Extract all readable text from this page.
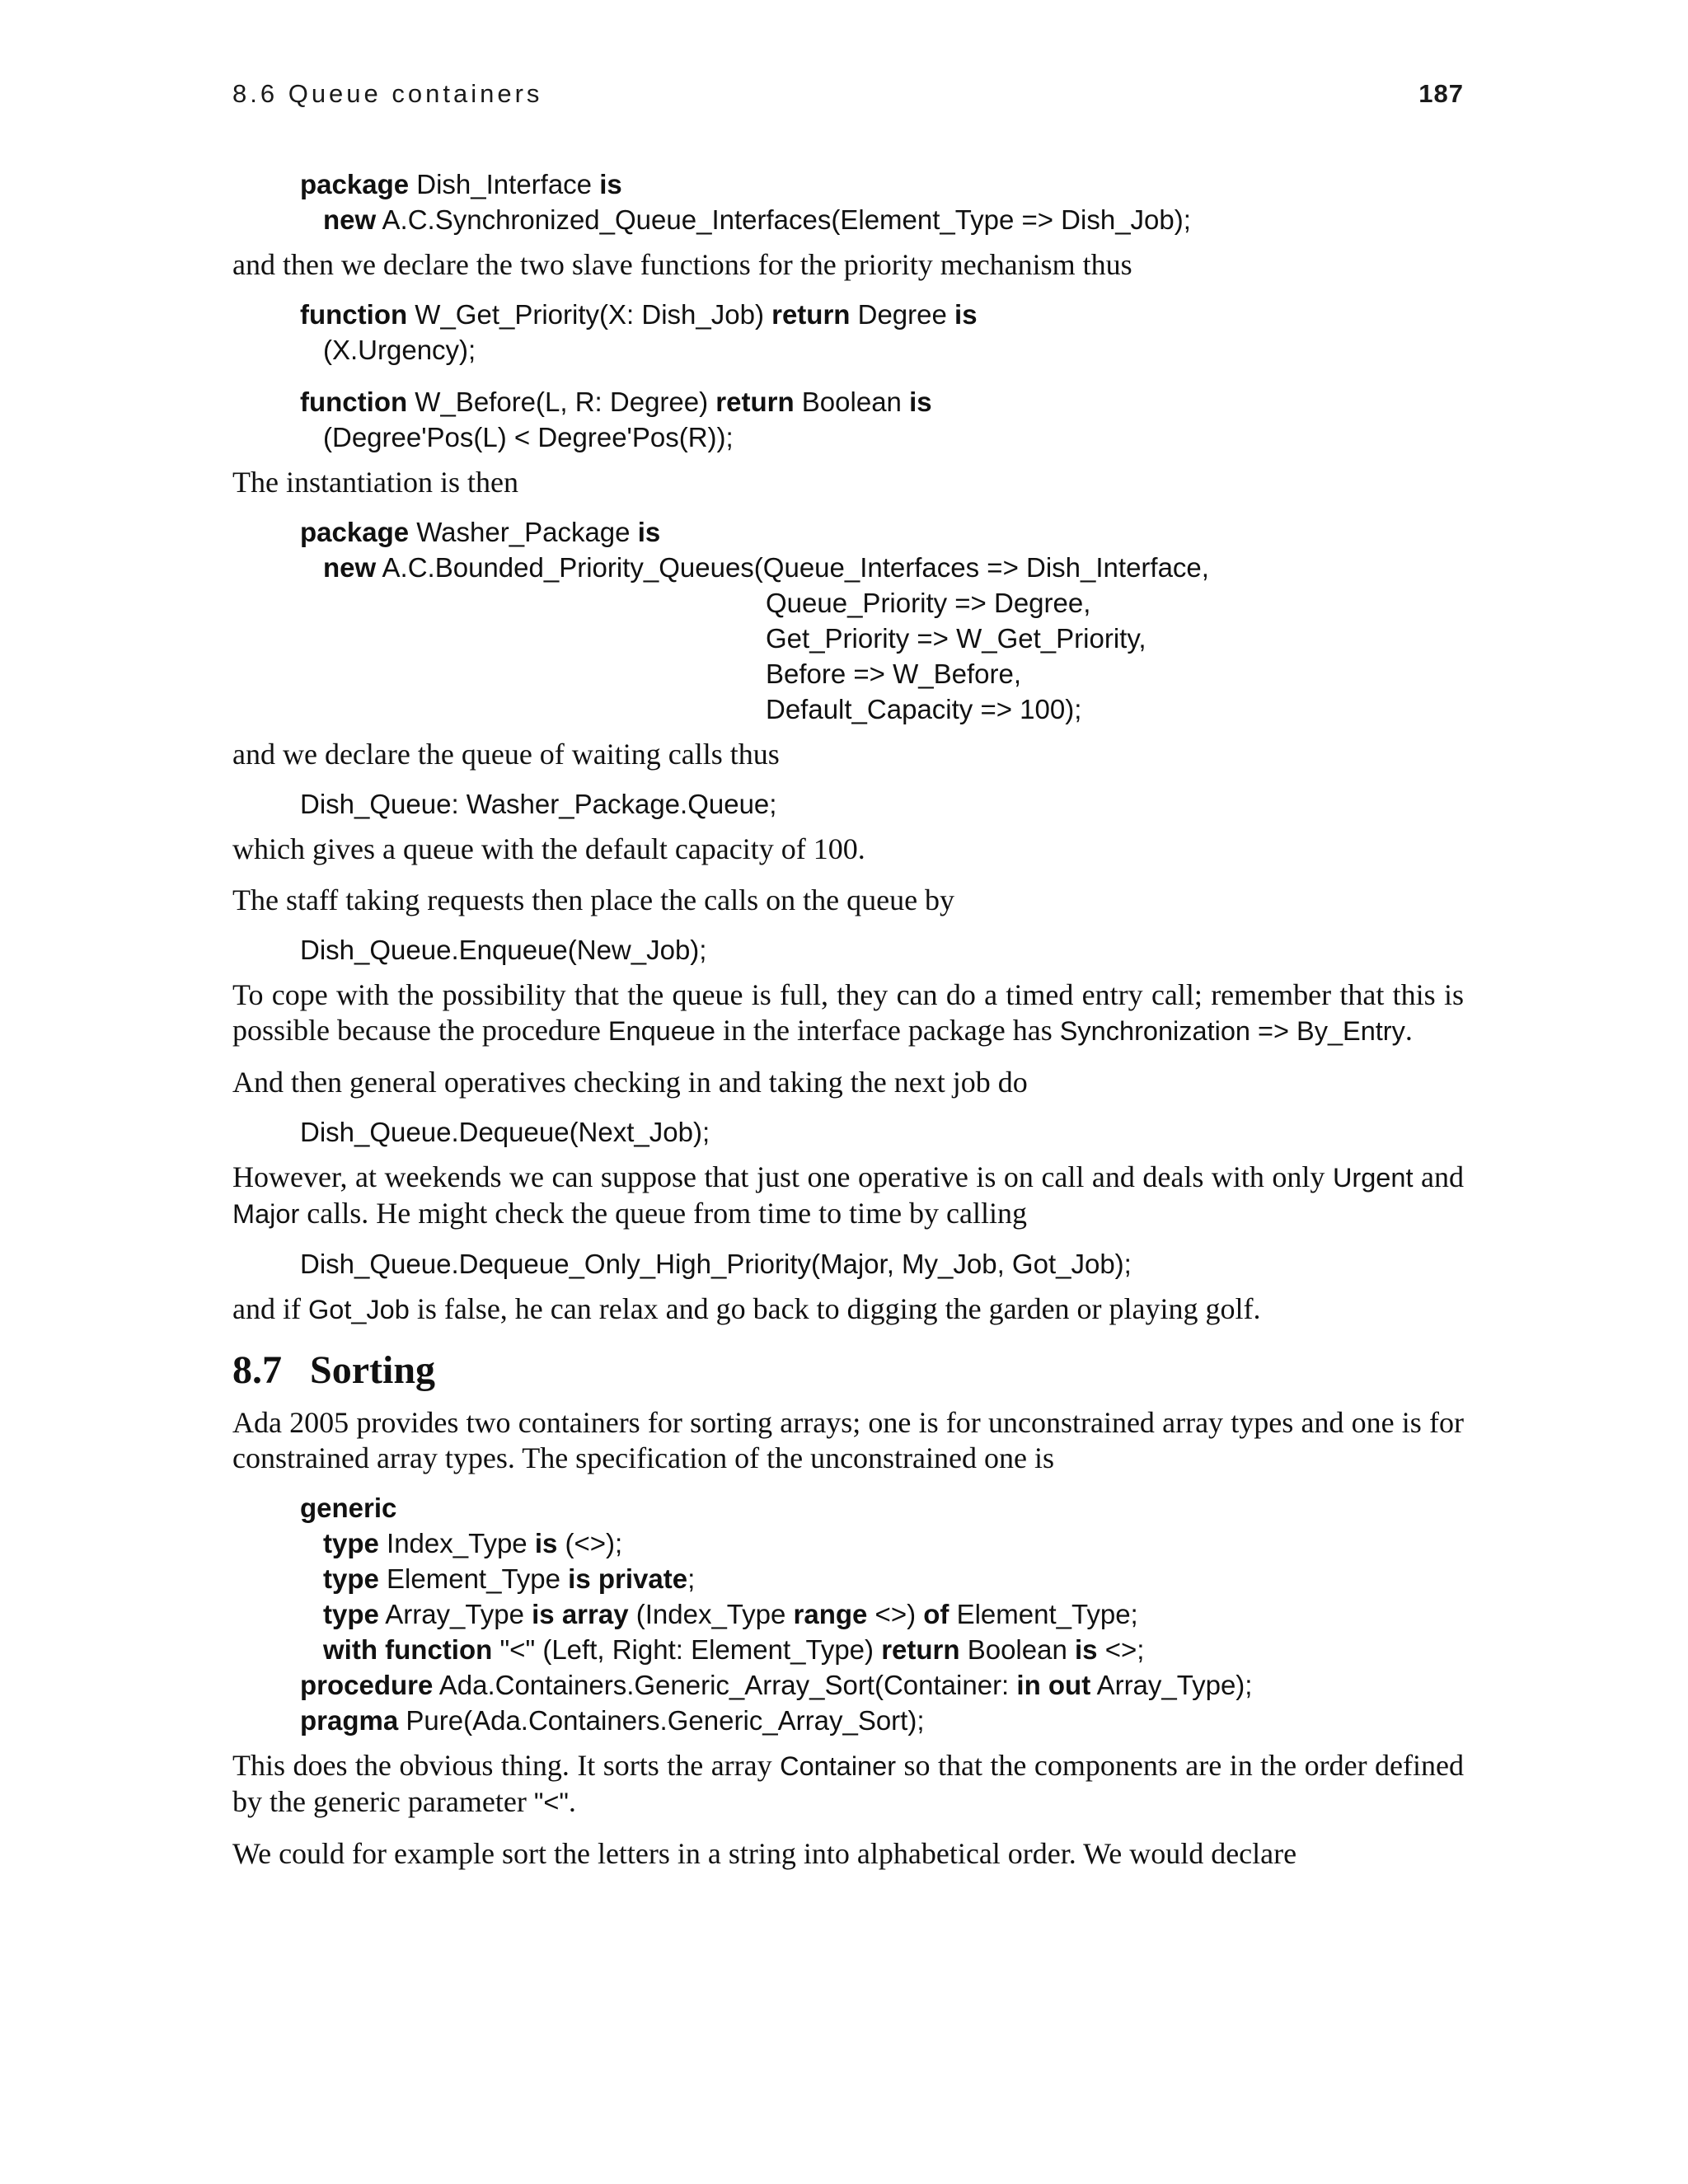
8.6 Queue containers	187
package Dish_Interface is
new A.C.Synchronized_Queue_Interfaces(Element_Type => Dish_Job);
and then we declare the two slave functions for the priority mechanism thus
function W_Get_Priority(X: Dish_Job) return Degree is
(X.Urgency);
function W_Before(L, R: Degree) return Boolean is
(Degree'Pos(L) < Degree'Pos(R));
The instantiation is then
package Washer_Package is
new A.C.Bounded_Priority_Queues(Queue_Interfaces => Dish_Interface,
Queue_Priority => Degree,
Get_Priority => W_Get_Priority,
Before => W_Before,
Default_Capacity => 100);
and we declare the queue of waiting calls thus
Dish_Queue: Washer_Package.Queue;
which gives a queue with the default capacity of 100.
The staff taking requests then place the calls on the queue by
Dish_Queue.Enqueue(New_Job);
To cope with the possibility that the queue is full, they can do a timed entry call; remember that this is possible because the procedure Enqueue in the interface package has Synchronization => By_Entry.
And then general operatives checking in and taking the next job do
Dish_Queue.Dequeue(Next_Job);
However, at weekends we can suppose that just one operative is on call and deals with only Urgent and Major calls. He might check the queue from time to time by calling
Dish_Queue.Dequeue_Only_High_Priority(Major, My_Job, Got_Job);
and if Got_Job is false, he can relax and go back to digging the garden or playing golf.
8.7 Sorting
Ada 2005 provides two containers for sorting arrays; one is for unconstrained array types and one is for constrained array types. The specification of the unconstrained one is
generic
type Index_Type is (<>);
type Element_Type is private;
type Array_Type is array (Index_Type range <>) of Element_Type;
with function "<" (Left, Right: Element_Type) return Boolean is <>;
procedure Ada.Containers.Generic_Array_Sort(Container: in out Array_Type);
pragma Pure(Ada.Containers.Generic_Array_Sort);
This does the obvious thing. It sorts the array Container so that the components are in the order defined by the generic parameter "<".
We could for example sort the letters in a string into alphabetical order. We would declare
